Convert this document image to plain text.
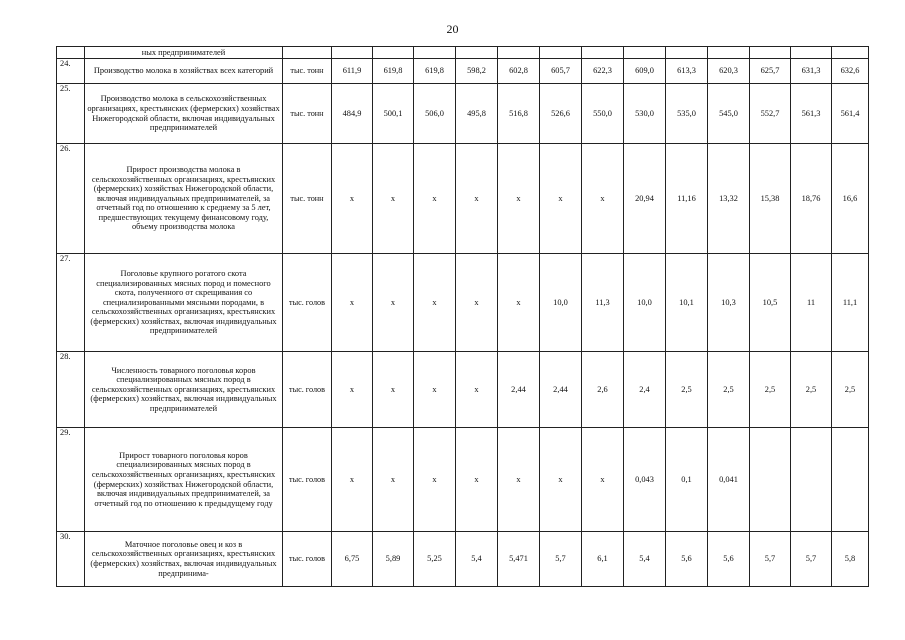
20
	ных предпринимателей														
24.	Производство молока в хозяйствах всех категорий	тыс. тонн	611,9	619,8	619,8	598,2	602,8	605,7	622,3	609,0	613,3	620,3	625,7	631,3	632,6
25.	Производство молока в сельскохозяйственных организациях, крестьянских (фермерских) хозяйствах Нижегородской области, включая индивидуальных предпринимателей	тыс. тонн	484,9	500,1	506,0	495,8	516,8	526,6	550,0	530,0	535,0	545,0	552,7	561,3	561,4
26.	Прирост производства молока в сельскохозяйственных организациях, крестьянских (фермерских) хозяйствах Нижегородской области, включая индивидуальных предпринимателей, за отчетный год по отношению к среднему за 5 лет, предшествующих текущему финансовому году, объему производства молока	тыс. тонн	x	x	x	x	x	x	x	20,94	11,16	13,32	15,38	18,76	16,6
27.	Поголовье крупного рогатого скота специализированных мясных пород и помесного скота, полученного от скрещивания со специализированными мясными породами, в сельскохозяйственных организациях, крестьянских (фермерских) хозяйствах, включая индивидуальных предпринимателей	тыс. голов	x	x	x	x	x	10,0	11,3	10,0	10,1	10,3	10,5	11	11,1
28.	Численность товарного поголовья коров специализированных мясных пород в сельскохозяйственных организациях, крестьянских (фермерских) хозяйствах, включая индивидуальных предпринимателей	тыс. голов	x	x	x	x	2,44	2,44	2,6	2,4	2,5	2,5	2,5	2,5	2,5
29.	Прирост товарного поголовья коров специализированных мясных пород в сельскохозяйственных организациях, крестьянских (фермерских) хозяйствах Нижегородской области, включая индивидуальных предпринимателей, за отчетный год по отношению к предыдущему году	тыс. голов	x	x	x	x	x	x	x	0,043	0,1	0,041			
30.	Маточное поголовье овец и коз в сельскохозяйственных организациях, крестьянских (фермерских) хозяйствах, включая индивидуальных предпринима-	тыс. голов	6,75	5,89	5,25	5,4	5,471	5,7	6,1	5,4	5,6	5,6	5,7	5,7	5,8
